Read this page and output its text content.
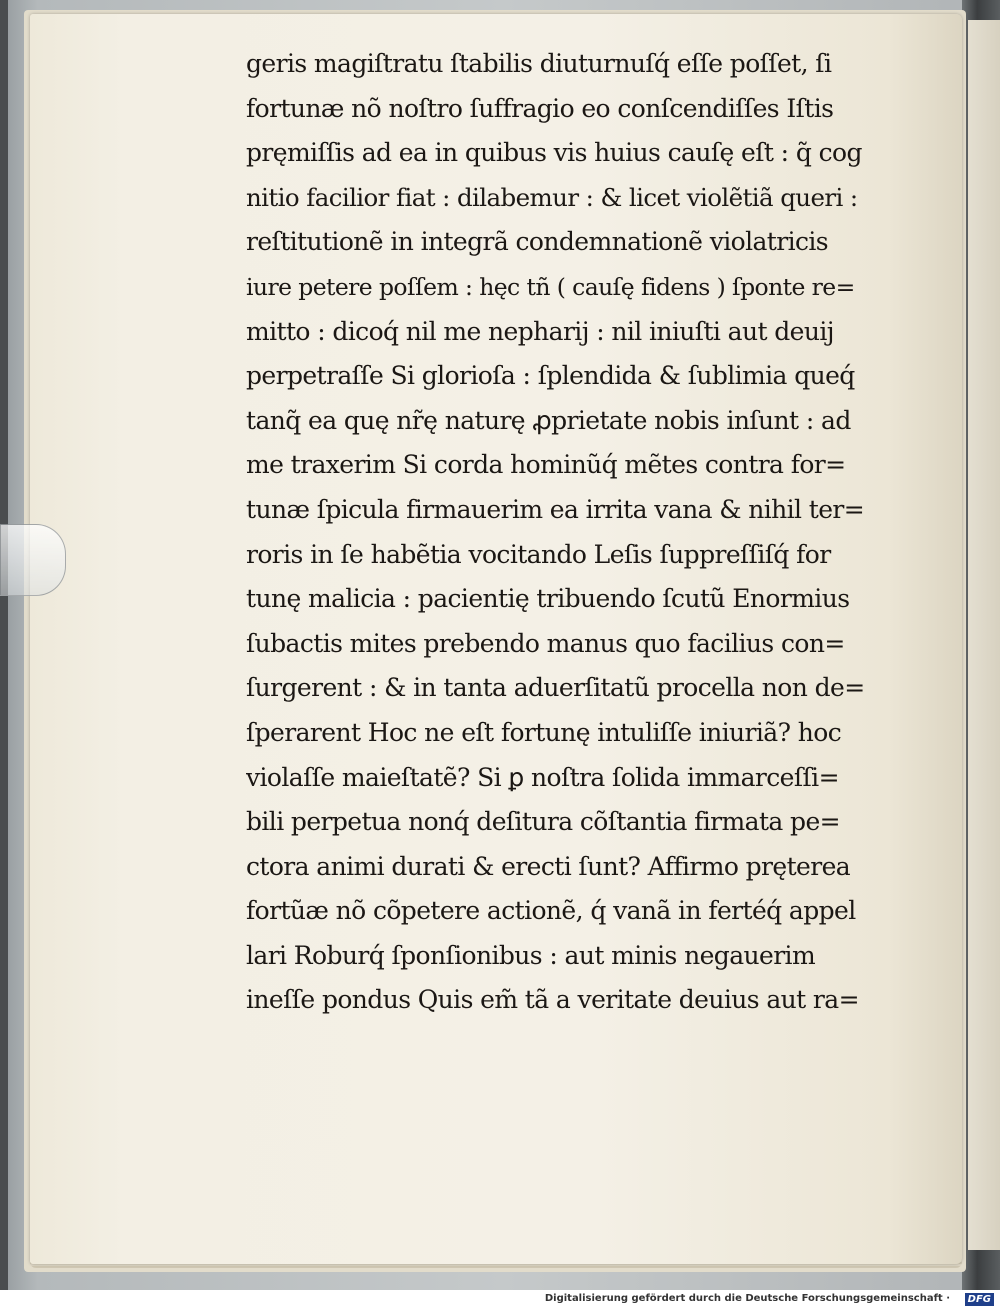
geris magiſtratu ſtabilis diuturnuſq́ eſſe poſſet, ſi
fortunæ nõ noſtro ſuffragio eo conſcendiſſes Iſtis
pręmiſſis ad ea in quibus vis huius cauſę eſt : q̃ cog
nitio facilior fiat : dilabemur : & licet violẽtiã queri :
reſtitutionẽ in integrã condemnationẽ violatricis
iure petere poſſem : hęc tñ ( cauſę fidens ) ſponte re=
mitto : dicoq́ nil me nepharij : nil iniuſti aut deuij
perpetraſſe Si glorioſa : ſplendida & ſublimia queq́
tanq̃ ea quę nr̃ę naturę ꝓprietate nobis inſunt : ad
me traxerim Si corda hominũq́ mẽtes contra for=
tunæ ſpicula firmauerim ea irrita vana & nihil ter=
roris in ſe habẽtia vocitando Leſis ſuppreſſiſq́ for
tunę malicia : pacientię tribuendo ſcutũ Enormius
ſubactis mites prebendo manus quo facilius con=
ſurgerent : & in tanta aduerſitatũ procella non de=
ſperarent Hoc ne eſt fortunę intuliſſe iniuriã? hoc
violaſſe maieſtatẽ? Si ꝑ noſtra ſolida immarceſſi=
bili perpetua nonq́ deſitura cõſtantia firmata pe=
ctora animi durati & erecti ſunt? Affirmo pręterea
fortũæ nõ cõpetere actionẽ, q́ vanã in fertéq́ appel
lari Roburq́ ſponſionibus : aut minis negauerim
ineſſe pondus Quis em̃ tã a veritate deuius aut ra=
Digitalisierung gefördert durch die Deutsche Forschungsgemeinschaft ·	DFG
